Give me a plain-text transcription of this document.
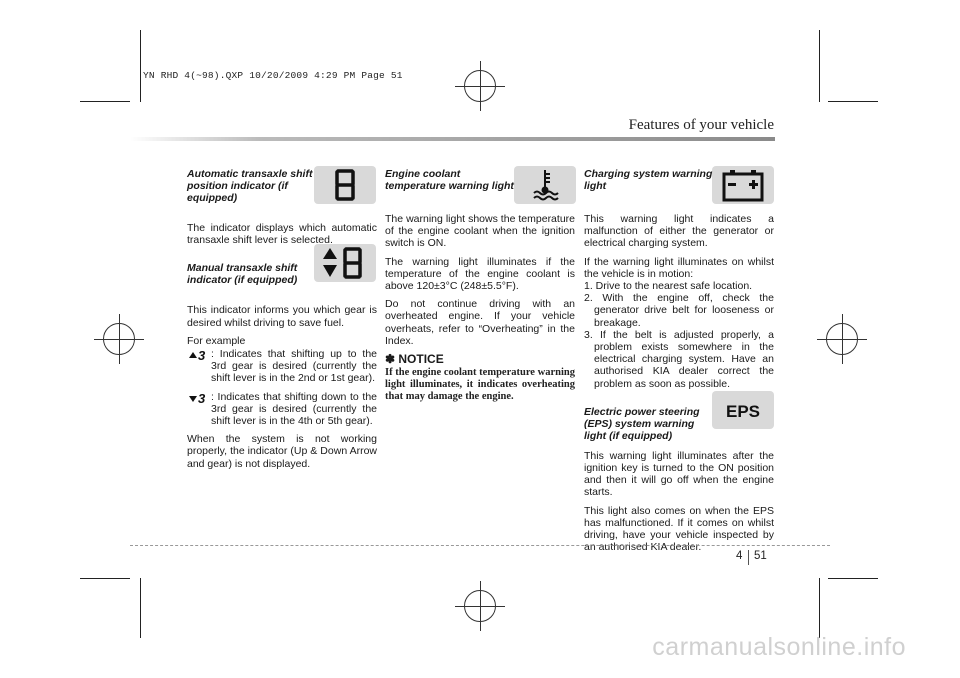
YN RHD 4(~98).QXP 10/20/2009 4:29 PM Page 51
Features of your vehicle
EPS
Automatic transaxle shift position indicator (if equipped)

The indicator displays which automatic transaxle shift lever is selected.

Manual transaxle shift indicator (if equipped)

This indicator informs you which gear is desired whilst driving to save fuel.

For example

3 : Indicates that shifting up to the 3rd gear is desired (currently the shift lever is in the 2nd or 1st gear).
3 : Indicates that shifting down to the 3rd gear is desired (currently the shift lever is in the 4th or 5th gear).

When the system is not working properly, the indicator (Up & Down Arrow and gear) is not displayed.

Engine coolant temperature warning light

The warning light shows the temperature of the engine coolant when the ignition switch is ON.

The warning light illuminates if the temperature of the engine coolant is above 120±3°C (248±5.5°F).

Do not continue driving with an overheated engine. If your vehicle overheats, refer to “Overheating” in the Index.

✽ NOTICE

If the engine coolant temperature warning light illuminates, it indicates overheating that may damage the engine.

Charging system warning light

This warning light indicates a malfunction of either the generator or electrical charging system.

If the warning light illuminates on whilst the vehicle is in motion:

1. Drive to the nearest safe location.
2. With the engine off, check the generator drive belt for looseness or breakage.
3. If the belt is adjusted properly, a problem exists somewhere in the electrical charging system. Have an authorised KIA dealer correct the problem as soon as possible.
Electric power steering (EPS) system warning light (if equipped)

This warning light illuminates after the ignition key is turned to the ON position and then it will go off when the engine starts.

This light also comes on when the EPS has malfunctioned. If it comes on whilst driving, have your vehicle inspected by an authorised KIA dealer.

4 51
carmanualsonline.info
